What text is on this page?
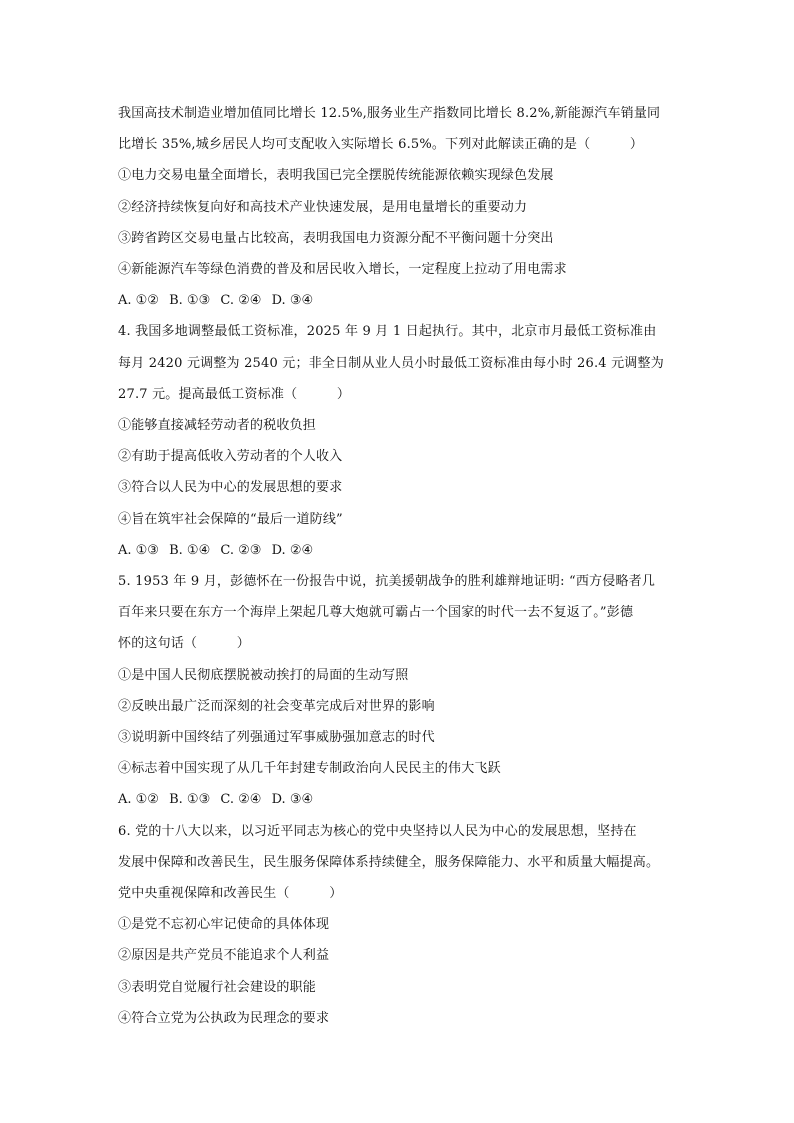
我国高技术制造业增加值同比增长 12.5%,服务业生产指数同比增长 8.2%,新能源汽车销量同
比增长 35%,城乡居民人均可支配收入实际增长 6.5%。下列对此解读正确的是（　　　）
①电力交易电量全面增长，表明我国已完全摆脱传统能源依赖实现绿色发展
②经济持续恢复向好和高技术产业快速发展，是用电量增长的重要动力
③跨省跨区交易电量占比较高，表明我国电力资源分配不平衡问题十分突出
④新能源汽车等绿色消费的普及和居民收入增长，一定程度上拉动了用电需求
A. ①② B. ①③ C. ②④ D. ③④
4. 我国多地调整最低工资标准，2025 年 9 月 1 日起执行。其中，北京市月最低工资标准由
每月 2420 元调整为 2540 元；非全日制从业人员小时最低工资标准由每小时 26.4 元调整为
27.7 元。提高最低工资标准（　　　）
①能够直接减轻劳动者的税收负担
②有助于提高低收入劳动者的个人收入
③符合以人民为中心的发展思想的要求
④旨在筑牢社会保障的“最后一道防线”
A. ①③ B. ①④ C. ②③ D. ②④
5. 1953 年 9 月，彭德怀在一份报告中说，抗美援朝战争的胜利雄辩地证明: “西方侵略者几
百年来只要在东方一个海岸上架起几尊大炮就可霸占一个国家的时代一去不复返了。”彭德
怀的这句话（　　　）
①是中国人民彻底摆脱被动挨打的局面的生动写照
②反映出最广泛而深刻的社会变革完成后对世界的影响
③说明新中国终结了列强通过军事威胁强加意志的时代
④标志着中国实现了从几千年封建专制政治向人民民主的伟大飞跃
A. ①② B. ①③ C. ②④ D. ③④
6. 党的十八大以来，以习近平同志为核心的党中央坚持以人民为中心的发展思想，坚持在
发展中保障和改善民生，民生服务保障体系持续健全，服务保障能力、水平和质量大幅提高。
党中央重视保障和改善民生（　　　）
①是党不忘初心牢记使命的具体体现
②原因是共产党员不能追求个人利益
③表明党自觉履行社会建设的职能
④符合立党为公执政为民理念的要求
